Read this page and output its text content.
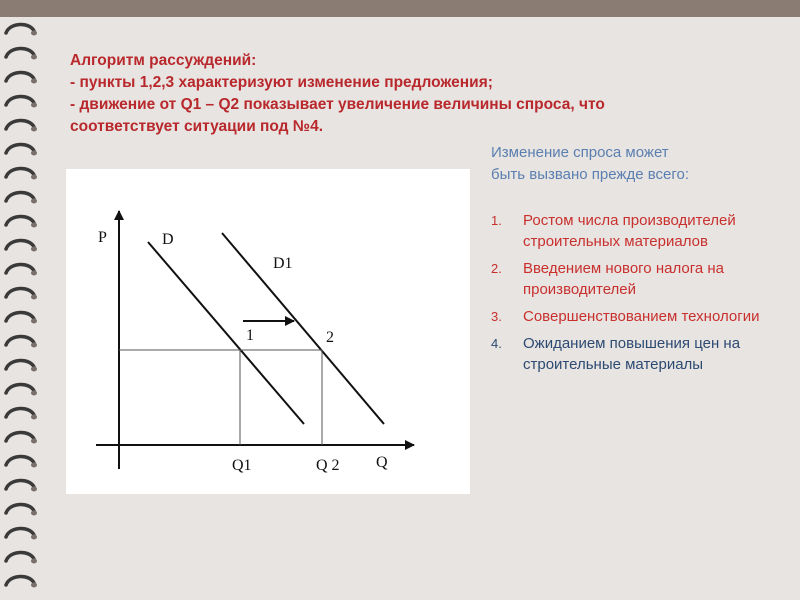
Алгоритм рассуждений:
- пункты 1,2,3 характеризуют изменение предложения;
- движение от Q1 – Q2 показывает увеличение величины спроса, что
соответствует ситуации под №4.
P	D
D1
1	2
Q1	Q 2 Q
Изменение спроса может
быть вызвано прежде всего:
1. Ростом числа производителей строительных материалов
2. Введением нового налога на производителей
3. Совершенствованием технологии
4. Ожиданием повышения цен на строительные материалы
